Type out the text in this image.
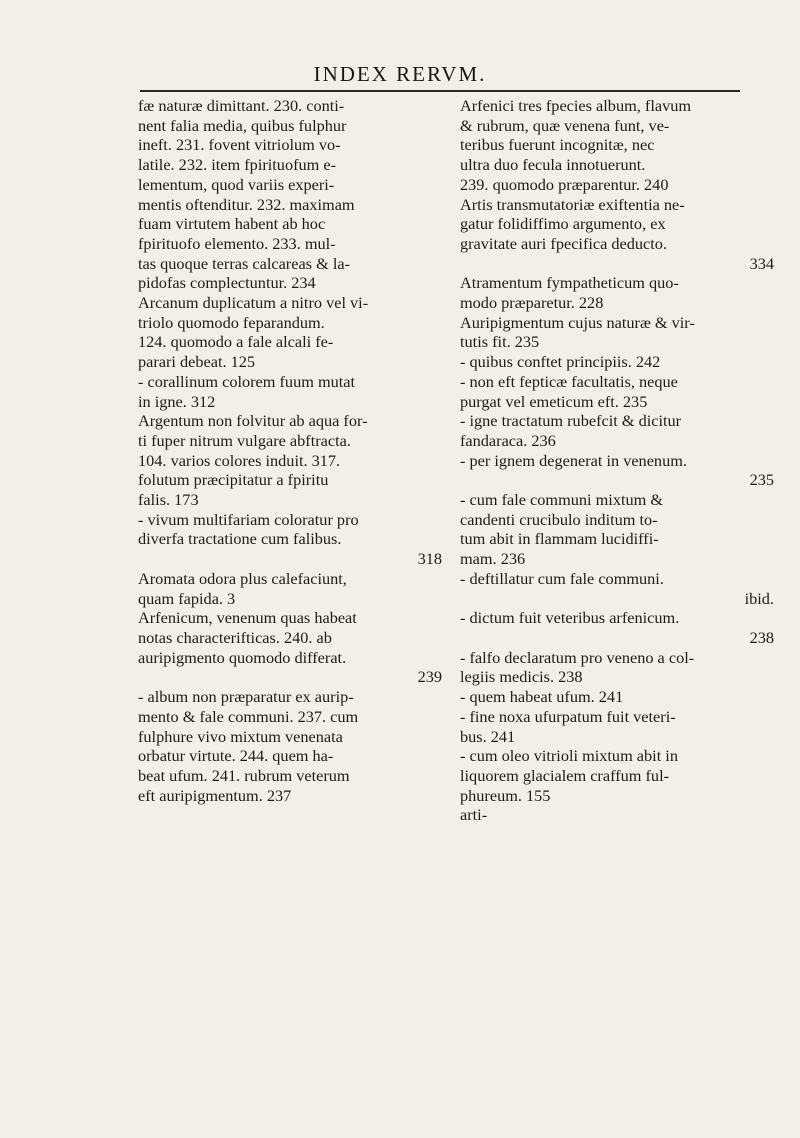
INDEX RERVM.
fæ naturæ dimittant. 230. conti-
nent falia media, quibus fulphur
ineft. 231. fovent vitriolum vo-
latile. 232. item fpirituofum e-
lementum, quod variis experi-
mentis oftenditur. 232. maximam
fuam virtutem habent ab hoc
fpirituofo elemento. 233. mul-
tas quoque terras calcareas & la-
pidofas complectuntur. 234
Arcanum duplicatum a nitro vel vi-
triolo quomodo feparandum.
124. quomodo a fale alcali fe-
parari debeat. 125
- corallinum colorem fuum mutat
in igne. 312
Argentum non folvitur ab aqua for-
ti fuper nitrum vulgare abftracta.
104. varios colores induit. 317.
folutum præcipitatur a fpiritu
falis. 173
- vivum multifariam coloratur pro
diverfa tractatione cum falibus.
318
Aromata odora plus calefaciunt,
quam fapida. 3
Arfenicum, venenum quas habeat
notas characterifticas. 240. ab
auripigmento quomodo differat.
239
- album non præparatur ex aurip-
mento & fale communi. 237. cum
fulphure vivo mixtum venenata
orbatur virtute. 244. quem ha-
beat ufum. 241. rubrum veterum
eft auripigmentum. 237
Arfenici tres fpecies album, flavum
& rubrum, quæ venena funt, ve-
teribus fuerunt incognitæ, nec
ultra duo fecula innotuerunt.
239. quomodo præparentur. 240
Artis transmutatoriæ exiftentia ne-
gatur folidiffimo argumento, ex
gravitate auri fpecifica deducto.
334
Atramentum fympatheticum quo-
modo præparetur. 228
Auripigmentum cujus naturæ & vir-
tutis fit. 235
- quibus conftet principiis. 242
- non eft fepticæ facultatis, neque
purgat vel emeticum eft. 235
- igne tractatum rubefcit & dicitur
fandaraca. 236
- per ignem degenerat in venenum.
235
- cum fale communi mixtum &
candenti crucibulo inditum to-
tum abit in flammam lucidiffi-
mam. 236
- deftillatur cum fale communi.
ibid.
- dictum fuit veteribus arfenicum.
238
- falfo declaratum pro veneno a col-
legiis medicis. 238
- quem habeat ufum. 241
- fine noxa ufurpatum fuit veteri-
bus. 241
- cum oleo vitrioli mixtum abit in
liquorem glacialem craffum ful-
phureum. 155
arti-
